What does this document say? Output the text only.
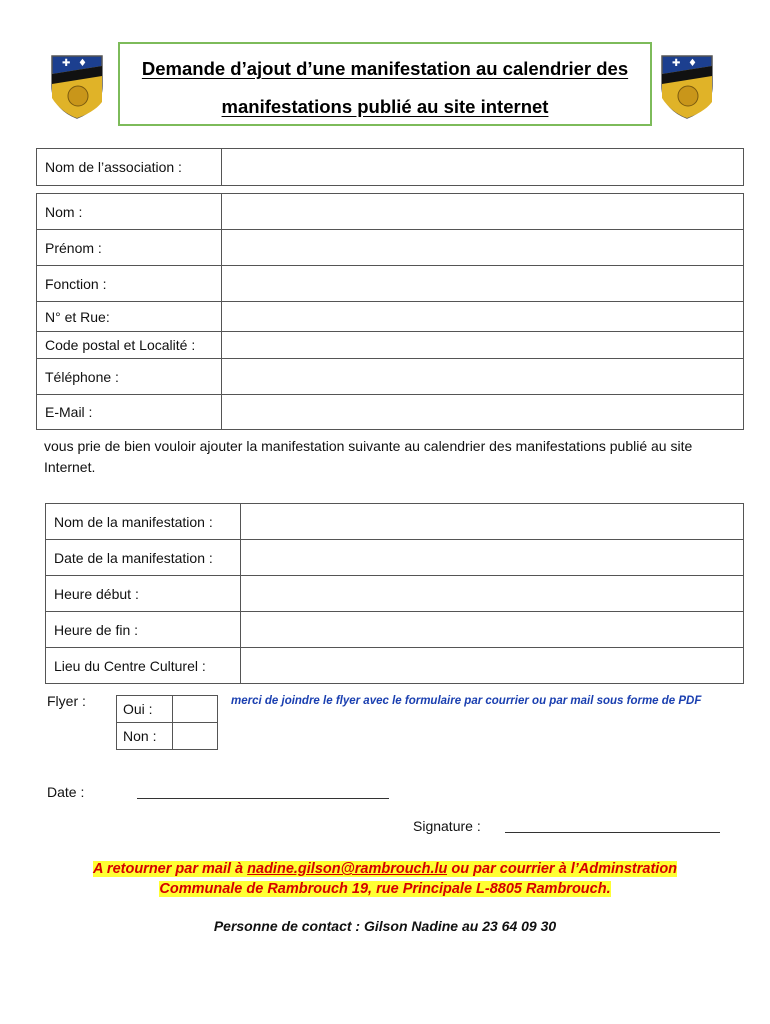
✚ ♦	✚ ♦
Demande d’ajout d’une manifestation au calendrier des
manifestations publié au site internet
Nom de l’association :	
Nom :	
Prénom :	
Fonction :	
N° et Rue:	
Code postal et Localité :	
Téléphone :	
E-Mail :	
vous prie de bien vouloir ajouter la manifestation suivante au calendrier des manifestations publié au site Internet.
Nom de la manifestation :	
Date de la manifestation :	
Heure début :	
Heure de fin :	
Lieu du Centre Culturel :	
Flyer :	Oui :	
Non :	
merci de joindre le flyer avec le formulaire par courrier ou par mail sous forme de PDF
Date :
Signature :
A retourner par mail à nadine.gilson@rambrouch.lu ou par courrier à l’Adminstration
Communale de Rambrouch 19, rue Principale L-8805 Rambrouch.
Personne de contact : Gilson Nadine au 23 64 09 30
